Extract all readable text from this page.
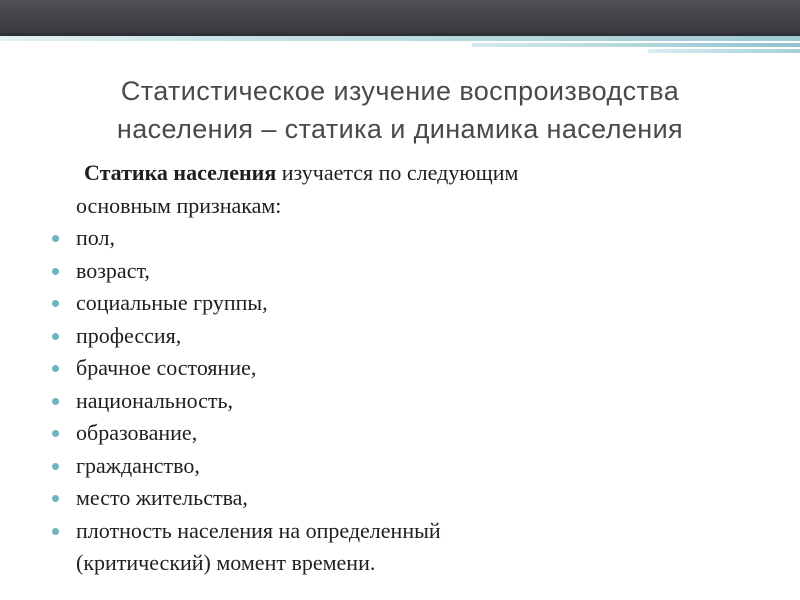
Статистическое изучение воспроизводства
населения – статика и динамика населения

Статика населения изучается по следующим
основным признакам:

пол,
возраст,
социальные группы,
профессия,
брачное состояние,
национальность,
образование,
гражданство,
место жительства,
плотность населения на определенный
(критический) момент времени.
